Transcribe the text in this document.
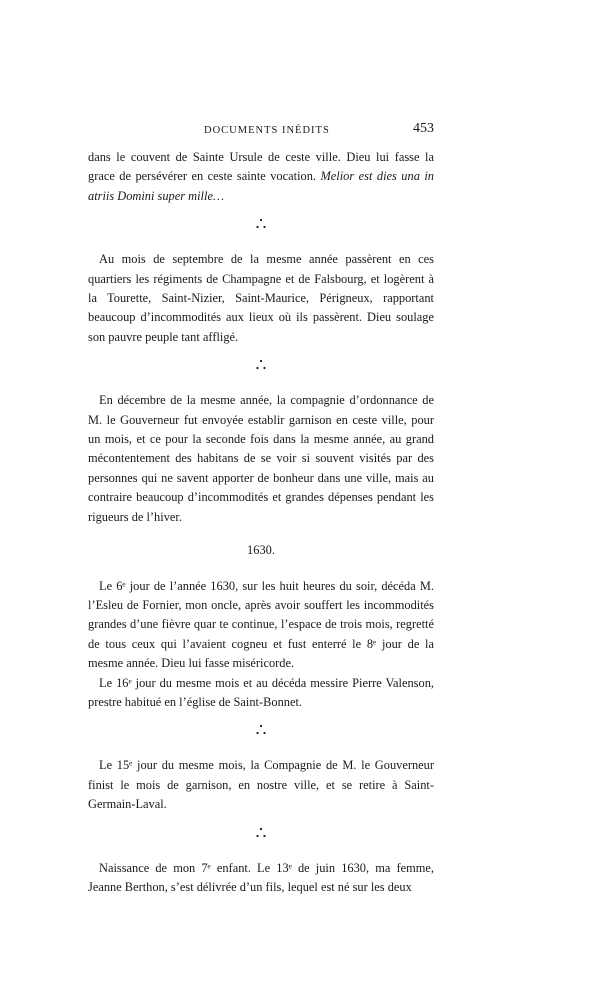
DOCUMENTS INÉDITS	453

dans le couvent de Sainte Ursule de ceste ville. Dieu lui fasse la grace de persévérer en ceste sainte vocation. Melior est dies una in atriis Domini super mille…

Au mois de septembre de la mesme année passèrent en ces quartiers les régiments de Champagne et de Falsbourg, et logèrent à la Tourette, Saint-Nizier, Saint-Maurice, Périgneux, rapportant beaucoup d’incommodités aux lieux où ils passèrent. Dieu soulage son pauvre peuple tant affligé.

En décembre de la mesme année, la compagnie d’ordonnance de M. le Gouverneur fut envoyée establir garnison en ceste ville, pour un mois, et ce pour la seconde fois dans la mesme année, au grand mécontentement des habitans de se voir si souvent visités par des personnes qui ne savent apporter de bonheur dans une ville, mais au contraire beaucoup d’incommodités et grandes dépenses pendant les rigueurs de l’hiver.

1630.

Le 6ᵉ jour de l’année 1630, sur les huit heures du soir, décéda M. l’Esleu de Fornier, mon oncle, après avoir souffert les incommodités grandes d’une fièvre quar te continue, l’espace de trois mois, regretté de tous ceux qui l’avaient cogneu et fust enterré le 8ᵉ jour de la mesme année. Dieu lui fasse miséricorde.

Le 16ᵉ jour du mesme mois et au décéda messire Pierre Valenson, prestre habitué en l’église de Saint-Bonnet.

Le 15ᵉ jour du mesme mois, la Compagnie de M. le Gouverneur finist le mois de garnison, en nostre ville, et se retire à Saint-Germain-Laval.

Naissance de mon 7ᵉ enfant. Le 13ᵉ de juin 1630, ma femme, Jeanne Berthon, s’est délivrée d’un fils, lequel est né sur les deux
